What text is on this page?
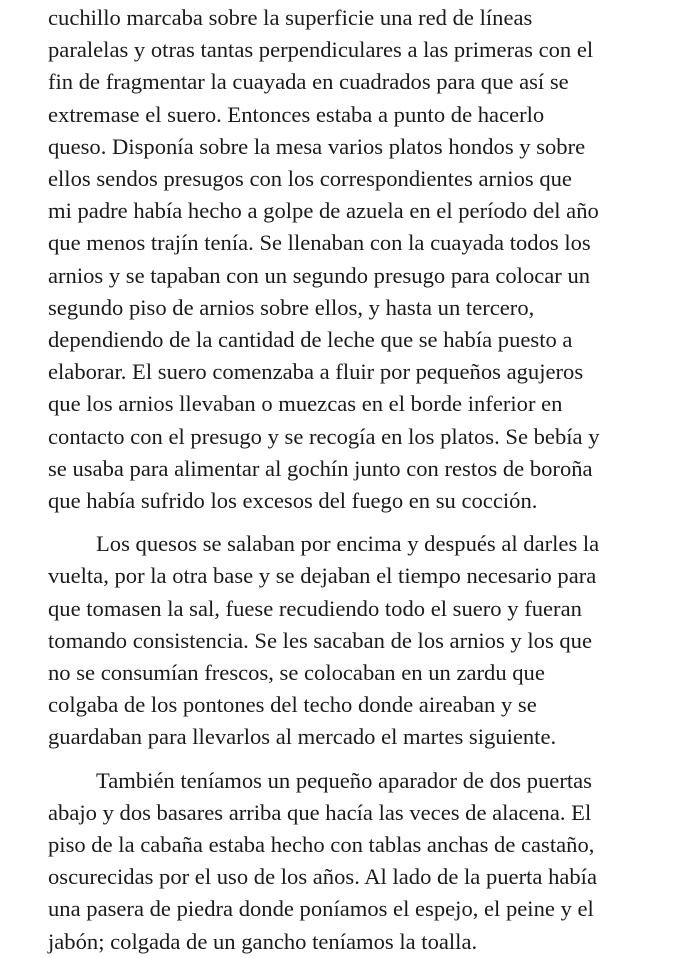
cuchillo marcaba sobre la superficie una red de líneas
paralelas y otras tantas perpendiculares a las primeras con el
fin de fragmentar la cuayada en cuadrados para que así se
extremase el suero. Entonces estaba a punto de hacerlo
queso. Disponía sobre la mesa varios platos hondos y sobre
ellos sendos presugos con los correspondientes arnios que
mi padre había hecho a golpe de azuela en el período del año
que menos trajín tenía. Se llenaban con la cuayada todos los
arnios y se tapaban con un segundo presugo para colocar un
segundo piso de arnios sobre ellos, y hasta un tercero,
dependiendo de la cantidad de leche que se había puesto a
elaborar. El suero comenzaba a fluir por pequeños agujeros
que los arnios llevaban o muezcas en el borde inferior en
contacto con el presugo y se recogía en los platos. Se bebía y
se usaba para alimentar al gochín junto con restos de boroña
que había sufrido los excesos del fuego en su cocción.
Los quesos se salaban por encima y después al darles la
vuelta, por la otra base y se dejaban el tiempo necesario para
que tomasen la sal, fuese recudiendo todo el suero y fueran
tomando consistencia. Se les sacaban de los arnios y los que
no se consumían frescos, se colocaban en un zardu que
colgaba de los pontones del techo donde aireaban y se
guardaban para llevarlos al mercado el martes siguiente.
También teníamos un pequeño aparador de dos puertas
abajo y dos basares arriba que hacía las veces de alacena. El
piso de la cabaña estaba hecho con tablas anchas de castaño,
oscurecidas por el uso de los años. Al lado de la puerta había
una pasera de piedra donde poníamos el espejo, el peine y el
jabón; colgada de un gancho teníamos la toalla.
